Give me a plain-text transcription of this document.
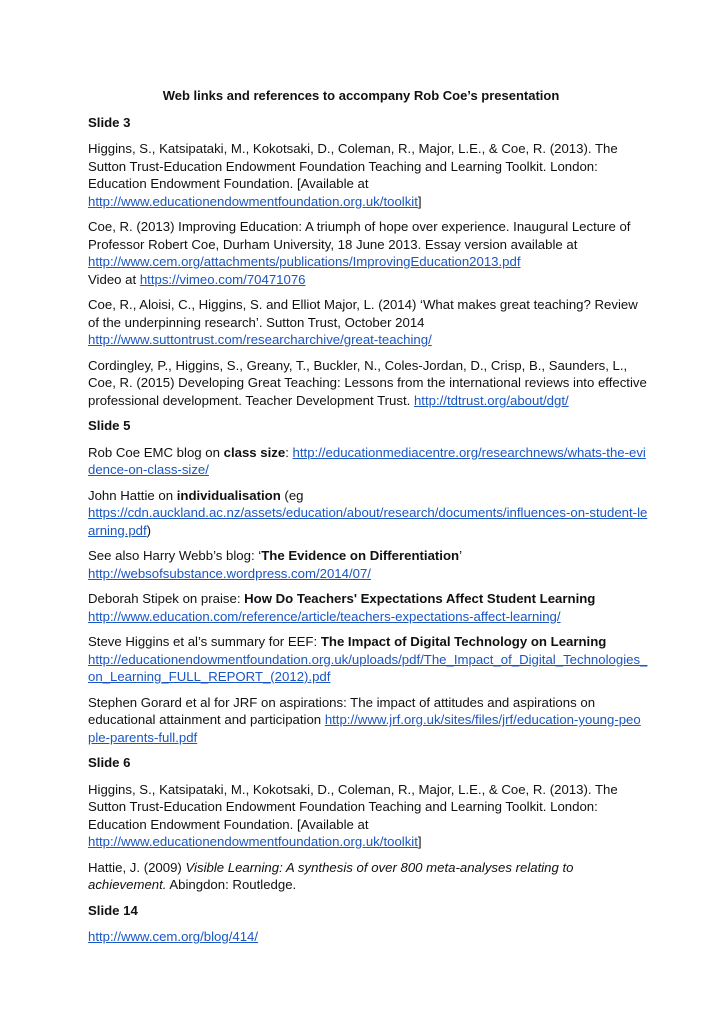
Web links and references to accompany Rob Coe’s presentation
Slide 3

Higgins, S., Katsipataki, M., Kokotsaki, D., Coleman, R., Major, L.E., & Coe, R. (2013). The Sutton Trust-Education Endowment Foundation Teaching and Learning Toolkit. London: Education Endowment Foundation. [Available at
http://www.educationendowmentfoundation.org.uk/toolkit]

Coe, R. (2013) Improving Education: A triumph of hope over experience. Inaugural Lecture of Professor Robert Coe, Durham University, 18 June 2013. Essay version available at
http://www.cem.org/attachments/publications/ImprovingEducation2013.pdf
Video at https://vimeo.com/70471076

Coe, R., Aloisi, C., Higgins, S. and Elliot Major, L. (2014) ‘What makes great teaching? Review of the underpinning research’. Sutton Trust, October 2014
http://www.suttontrust.com/researcharchive/great-teaching/

Cordingley, P., Higgins, S., Greany, T., Buckler, N., Coles-Jordan, D., Crisp, B., Saunders, L., Coe, R. (2015) Developing Great Teaching: Lessons from the international reviews into effective professional development. Teacher Development Trust. http://tdtrust.org/about/dgt/

Slide 5

Rob Coe EMC blog on class size: http://educationmediacentre.org/researchnews/whats-the-evidence-on-class-size/

John Hattie on individualisation (eg
https://cdn.auckland.ac.nz/assets/education/about/research/documents/influences-on-student-learning.pdf)

See also Harry Webb’s blog: ‘The Evidence on Differentiation’
http://websofsubstance.wordpress.com/2014/07/

Deborah Stipek on praise: How Do Teachers' Expectations Affect Student Learning
http://www.education.com/reference/article/teachers-expectations-affect-learning/

Steve Higgins et al’s summary for EEF: The Impact of Digital Technology on Learning
http://educationendowmentfoundation.org.uk/uploads/pdf/The_Impact_of_Digital_Technologies_on_Learning_FULL_REPORT_(2012).pdf

Stephen Gorard et al for JRF on aspirations: The impact of attitudes and aspirations on educational attainment and participation http://www.jrf.org.uk/sites/files/jrf/education-young-people-parents-full.pdf

Slide 6

Higgins, S., Katsipataki, M., Kokotsaki, D., Coleman, R., Major, L.E., & Coe, R. (2013). The Sutton Trust-Education Endowment Foundation Teaching and Learning Toolkit. London: Education Endowment Foundation. [Available at
http://www.educationendowmentfoundation.org.uk/toolkit]

Hattie, J. (2009) Visible Learning: A synthesis of over 800 meta-analyses relating to achievement. Abingdon: Routledge.

Slide 14

http://www.cem.org/blog/414/
